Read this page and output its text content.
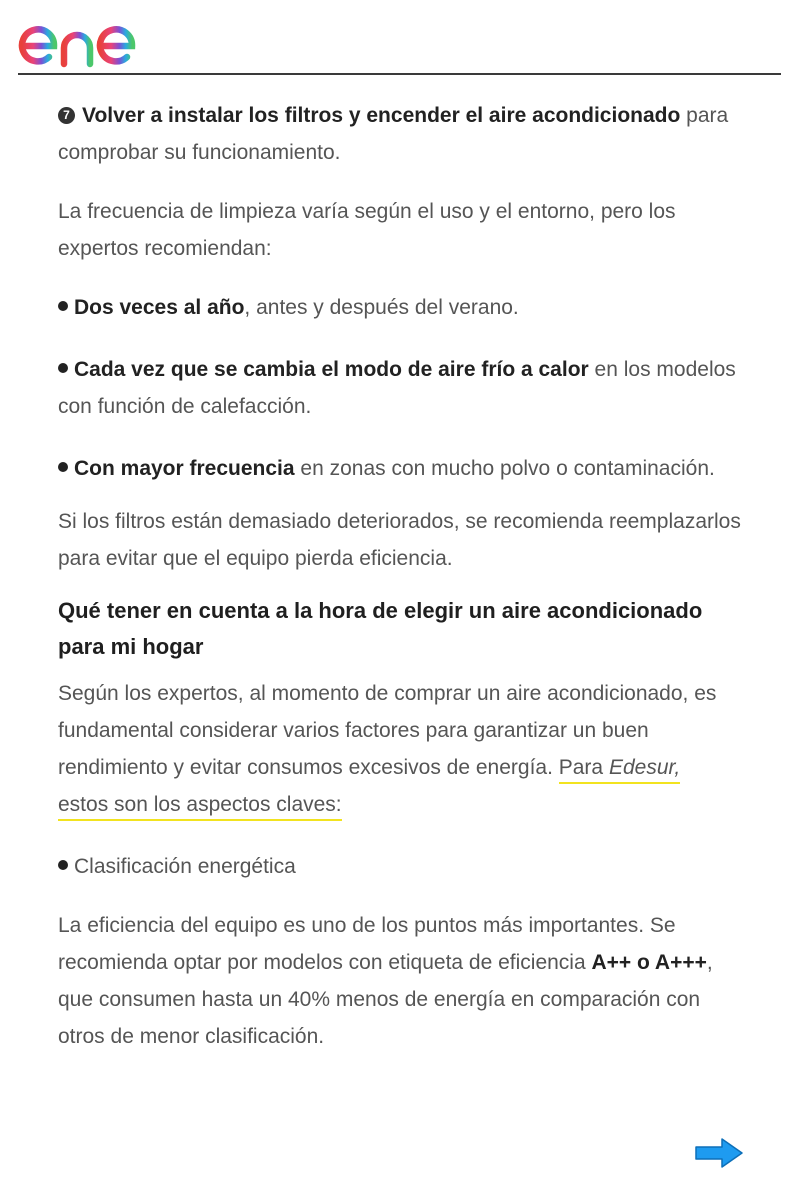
7 Volver a instalar los filtros y encender el aire acondicionado para comprobar su funcionamiento.

La frecuencia de limpieza varía según el uso y el entorno, pero los expertos recomiendan:

Dos veces al año, antes y después del verano.

Cada vez que se cambia el modo de aire frío a calor en los modelos con función de calefacción.

Con mayor frecuencia en zonas con mucho polvo o contaminación.

Si los filtros están demasiado deteriorados, se recomienda reemplazarlos para evitar que el equipo pierda eficiencia.

Qué tener en cuenta a la hora de elegir un aire acondicionado para mi hogar

Según los expertos, al momento de comprar un aire acondicionado, es fundamental considerar varios factores para garantizar un buen rendimiento y evitar consumos excesivos de energía. Para Edesur,
estos son los aspectos claves:

Clasificación energética

La eficiencia del equipo es uno de los puntos más importantes. Se recomienda optar por modelos con etiqueta de eficiencia A++ o A+++, que consumen hasta un 40% menos de energía en comparación con otros de menor clasificación.
